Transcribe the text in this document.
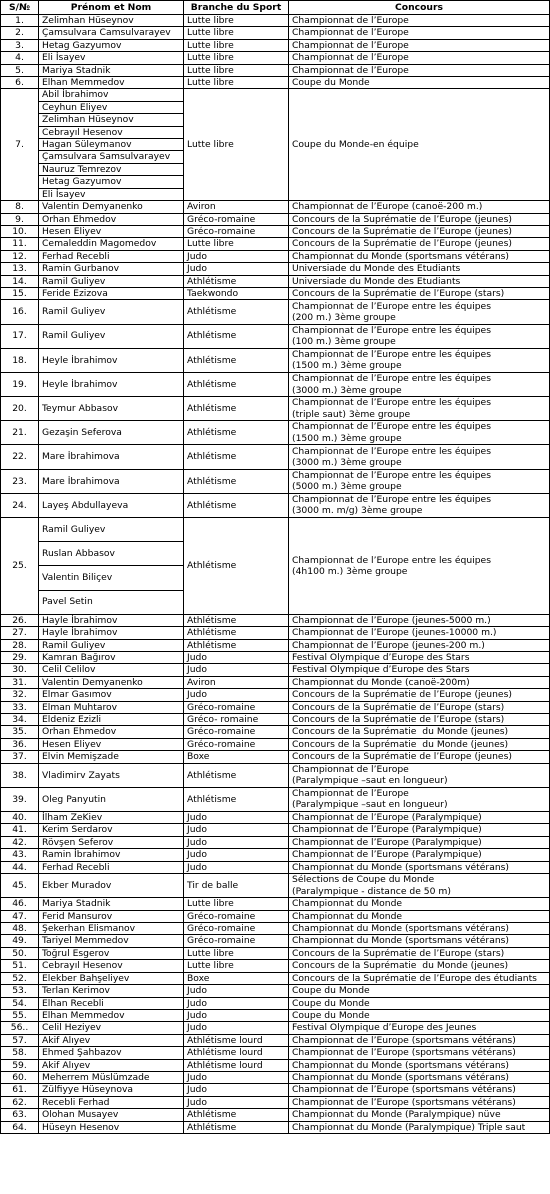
S/№	Prénom et Nom	Branche du Sport	Concours
1.	Zelimhan Hüseynov	Lutte libre	Championnat de l’Europe
2.	Çamsulvara Camsulvarayev	Lutte libre	Championnat de l’Europe
3.	Hetag Gazyumov	Lutte libre	Championnat de l’Europe
4.	Eli İsayev	Lutte libre	Championnat de l’Europe
5.	Mariya Stadnik	Lutte libre	Championnat de l’Europe
6.	Elhan Memmedov	Lutte libre	Coupe du Monde
7.	Abil İbrahimov	Lutte libre	Coupe du Monde-en équipe
	Ceyhun Eliyev		
	Zelimhan Hüseynov		
	Cebrayıl Hesenov		
	Hagan Süleymanov		
	Çamsulvara Samsulvarayev		
	Nauruz Temrezov		
	Hetag Gazyumov		
	Eli İsayev		
8.	Valentin Demyanenko	Aviron	Championnat de l’Europe (canoë-200 m.)
9.	Orhan Ehmedov	Gréco-romaine	Concours de la Suprématie de l’Europe (jeunes)
10.	Hesen Eliyev	Gréco-romaine	Concours de la Suprématie de l’Europe (jeunes)
11.	Cemaleddin Magomedov	Lutte libre	Concours de la Suprématie de l’Europe (jeunes)
12.	Ferhad Recebli	Judo	Championnat du Monde (sportsmans vétérans)
13.	Ramin Gurbanov	Judo	Universiade du Monde des Etudiants
14.	Ramil Guliyev	Athlétisme	Universiade du Monde des Etudiants
15.	Feride Ezizova	Taekwondo	Concours de la Suprématie de l’Europe (stars)
16.	Ramil Guliyev	Athlétisme	Championnat de l’Europe entre les équipes
(200 m.) 3ème groupe
17.	Ramil Guliyev	Athlétisme	Championnat de l’Europe entre les équipes
(100 m.) 3ème groupe
18.	Heyle İbrahimov	Athlétisme	Championnat de l’Europe entre les équipes
(1500 m.) 3ème groupe
19.	Heyle İbrahimov	Athlétisme	Championnat de l’Europe entre les équipes
(3000 m.) 3ème groupe
20.	Teymur Abbasov	Athlétisme	Championnat de l’Europe entre les équipes
(triple saut) 3ème groupe
21.	Gezaşin Seferova	Athlétisme	Championnat de l’Europe entre les équipes
(1500 m.) 3ème groupe
22.	Mare İbrahimova	Athlétisme	Championnat de l’Europe entre les équipes
(3000 m.) 3ème groupe
23.	Mare İbrahimova	Athlétisme	Championnat de l’Europe entre les équipes
(5000 m.) 3ème groupe
24.	Layeş Abdullayeva	Athlétisme	Championnat de l’Europe entre les équipes
(3000 m. m/g) 3ème groupe
25.	Ramil Guliyev	Athlétisme	Championnat de l’Europe entre les équipes
(4h100 m.) 3ème groupe
	Ruslan Abbasov		
	Valentin Biliçev		
	Pavel Setin		
26.	Hayle İbrahimov	Athlétisme	Championnat de l’Europe (jeunes-5000 m.)
27.	Hayle İbrahimov	Athlétisme	Championnat de l’Europe (jeunes-10000 m.)
28.	Ramil Guliyev	Athlétisme	Championnat de l’Europe (jeunes-200 m.)
29.	Kamran Bağırov	Judo	Festival Olympique d’Europe des Stars
30.	Celil Celilov	Judo	Festival Olympique d’Europe des Stars
31.	Valentin Demyanenko	Aviron	Championnat du Monde (canoë-200m)
32.	Elmar Gasımov	Judo	Concours de la Suprématie de l’Europe (jeunes)
33.	Elman Muhtarov	Gréco-romaine	Concours de la Suprématie de l’Europe (stars)
34.	Eldeniz Ezizli	Gréco- romaine	Concours de la Suprématie de l’Europe (stars)
35.	Orhan Ehmedov	Gréco-romaine	Concours de la Suprématie  du Monde (jeunes)
36.	Hesen Eliyev	Gréco-romaine	Concours de la Suprématie  du Monde (jeunes)
37.	Elvin Memişzade	Boxe	Concours de la Suprématie de l’Europe (jeunes)
38.	Vladimirv Zayats	Athlétisme	Championnat de l’Europe
(Paralympique –saut en longueur)
39.	Oleg Panyutin	Athlétisme	Championnat de l’Europe
(Paralympique –saut en longueur)
40.	İlham ZeKiev	Judo	Championnat de l’Europe (Paralympique)
41.	Kerim Serdarov	Judo	Championnat de l’Europe (Paralympique)
42.	Rövşen Seferov	Judo	Championnat de l’Europe (Paralympique)
43.	Ramin İbrahimov	Judo	Championnat de l’Europe (Paralympique)
44.	Ferhad Recebli	Judo	Championnat du Monde (sportsmans vétérans)
45.	Ekber Muradov	Tir de balle	Sélections de Coupe du Monde
(Paralympique - distance de 50 m)
46.	Mariya Stadnik	Lutte libre	Championnat du Monde
47.	Ferid Mansurov	Gréco-romaine	Championnat du Monde
48.	Şekerhan Elismanov	Gréco-romaine	Championnat du Monde (sportsmans vétérans)
49.	Tariyel Memmedov	Gréco-romaine	Championnat du Monde (sportsmans vétérans)
50.	Toğrul Esgerov	Lutte libre	Concours de la Suprématie de l’Europe (stars)
51.	Cebrayıl Hesenov	Lutte libre	Concours de la Suprématie  du Monde (jeunes)
52.	Elekber Bahşeliyev	Boxe	Concours de la Suprématie de l’Europe des étudiants
53.	Terlan Kerimov	Judo	Coupe du Monde
54.	Elhan Recebli	Judo	Coupe du Monde
55.	Elhan Memmedov	Judo	Coupe du Monde
56..	Celil Heziyev	Judo	Festival Olympique d’Europe des Jeunes
57.	Akif Alıyev	Athlétisme lourd	Championnat de l’Europe (sportsmans vétérans)
58.	Ehmed Şahbazov	Athlétisme lourd	Championnat de l’Europe (sportsmans vétérans)
59.	Akif Alıyev	Athlétisme lourd	Championnat du Monde (sportsmans vétérans)
60.	Meherrem Müslümzade	Judo	Championnat du Monde (sportsmans vétérans)
61.	Zülfiyye Hüseynova	Judo	Championnat de l’Europe (sportsmans vétérans)
62.	Recebli Ferhad	Judo	Championnat de l’Europe (sportsmans vétérans)
63.	Olohan Musayev	Athlétisme	Championnat du Monde (Paralympique) nüve
64.	Hüseyn Hesenov	Athlétisme	Championnat du Monde (Paralympique) Triple saut
